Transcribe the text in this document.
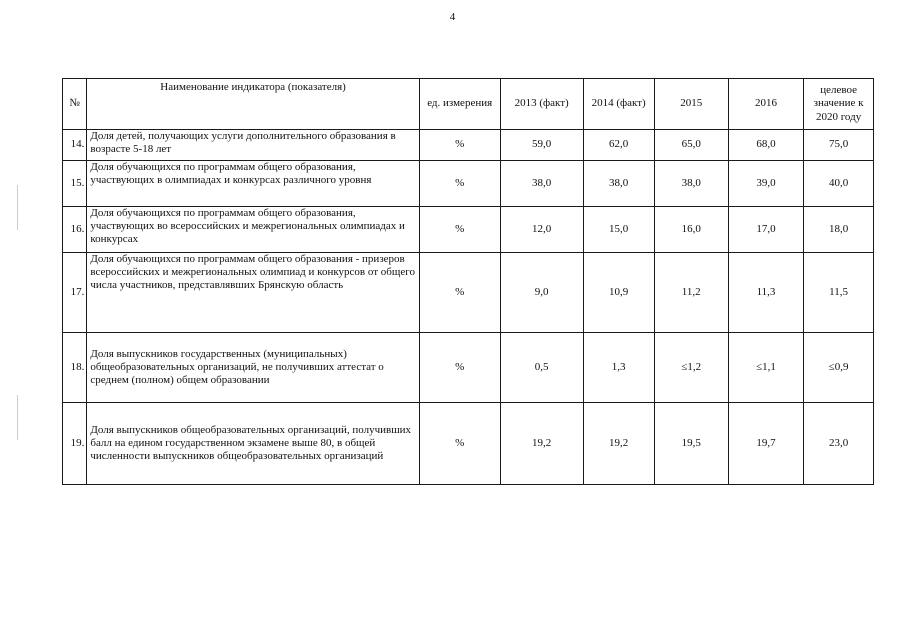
4
№	Наименование индикатора (показателя)	ед. измерения	2013 (факт)	2014 (факт)	2015	2016	целевое значение к 2020 году
14.	Доля детей, получающих услуги дополнительного образования в возрасте 5-18 лет	%	59,0	62,0	65,0	68,0	75,0
15.	Доля обучающихся по программам общего образования, участвующих в олимпиадах и конкурсах различного уровня	%	38,0	38,0	38,0	39,0	40,0
16.	Доля обучающихся по программам общего образования, участвующих во всероссийских и межрегиональных олимпиадах и конкурсах	%	12,0	15,0	16,0	17,0	18,0
17.	Доля обучающихся по программам общего образования - призеров всероссийских и межрегиональных олимпиад и конкурсов от общего числа участников, представлявших Брянскую область	%	9,0	10,9	11,2	11,3	11,5
18.	Доля выпускников государственных (муниципальных) общеобразовательных организаций, не получивших аттестат о среднем (полном) общем образовании	%	0,5	1,3	≤1,2	≤1,1	≤0,9
19.	Доля выпускников общеобразовательных организаций, получивших балл на едином государственном экзамене выше 80, в общей численности выпускников общеобразовательных организаций	%	19,2	19,2	19,5	19,7	23,0
